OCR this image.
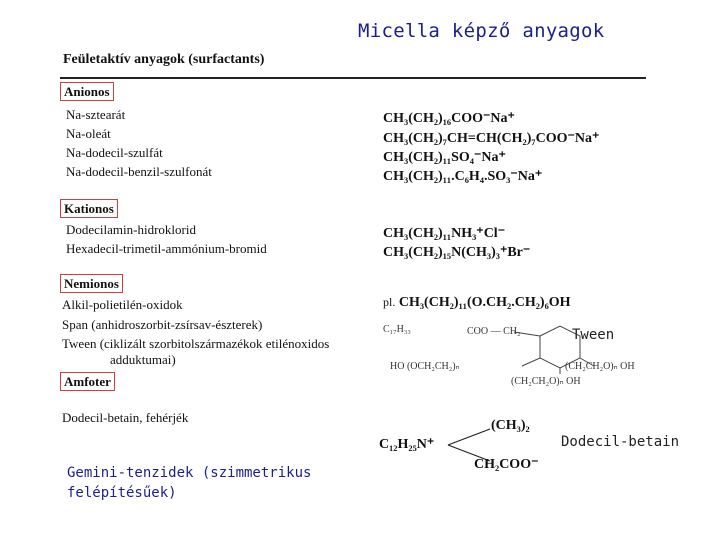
Micella képző anyagok
Feületaktív anyagok (surfactants)
Anionos
Na-sztearát
Na-oleát
Na-dodecil-szulfát
Na-dodecil-benzil-szulfonát
CH₃(CH₂)₁₆COO⁻Na⁺
CH₃(CH₂)₇CH=CH(CH₂)₇COO⁻Na⁺
CH₃(CH₂)₁₁SO₄⁻Na⁺
CH₃(CH₂)₁₁.C₆H₄.SO₃⁻Na⁺
Kationos
Dodecilamin-hidroklorid
Hexadecil-trimetil-ammónium-bromid
CH₃(CH₂)₁₁NH₃⁺Cl⁻
CH₃(CH₂)₁₅N(CH₃)₃⁺Br⁻
Nemionos
Alkil-polietilén-oxidok
Span (anhidroszorbit-zsírsav-észterek)
Tween (ciklizált szorbitolszármazékok etilénoxidos
adduktumai)
pl. CH₃(CH₂)₁₁(O.CH₂.CH₂)₆OH
C₁₇H₃₃	COO — CH₂
HO (OCH₂CH₂)ₙ	(CH₂CH₂O)ₙ OH
(CH₂CH₂O)ₙ OH
Tween
Amfoter
Dodecil-betain, fehérjék
C₁₂H₂₅N⁺
(CH₃)₂
CH₂COO⁻
Dodecil-betain
Gemini-tenzidek (szimmetrikus felépítésűek)
